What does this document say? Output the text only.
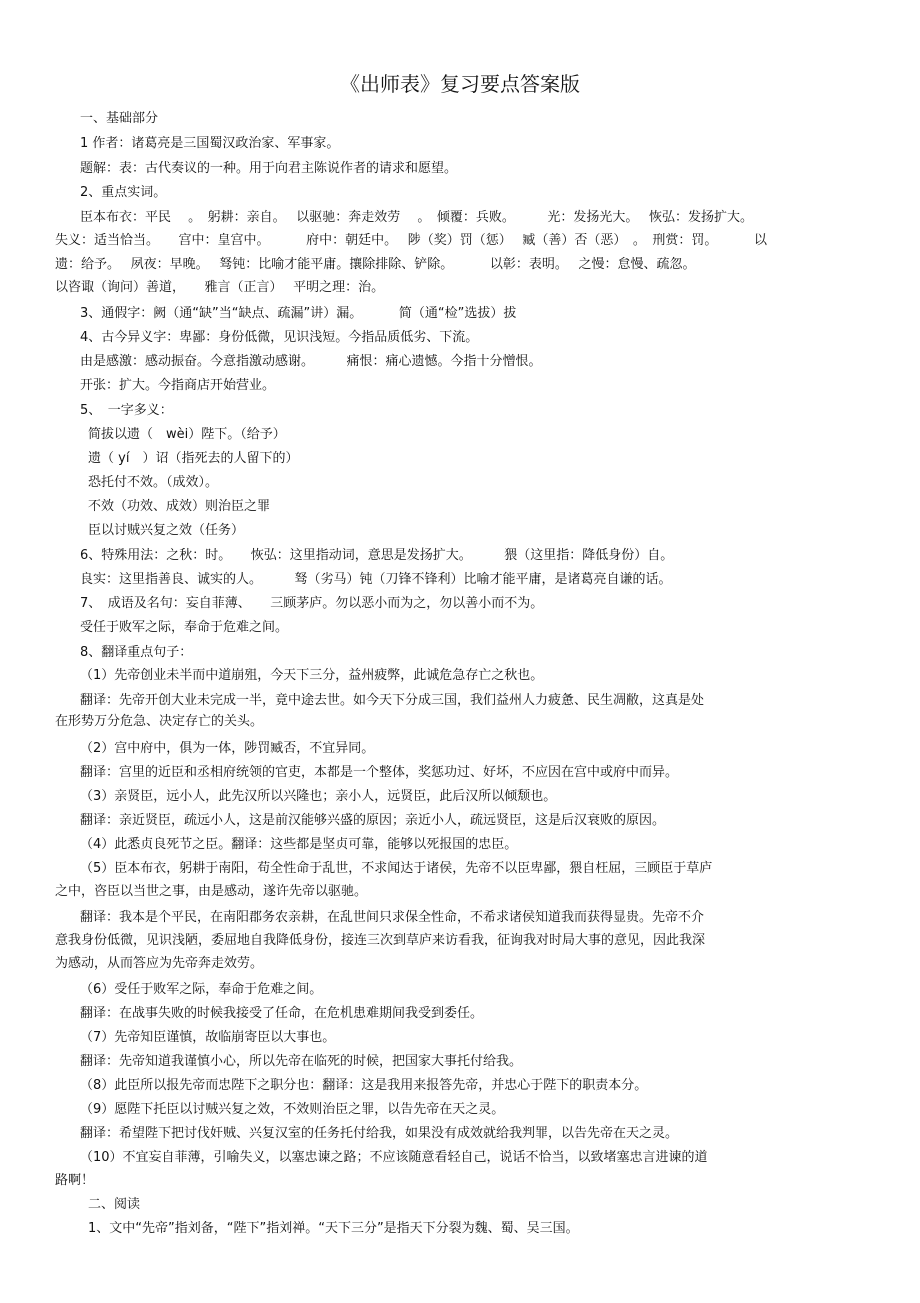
《出师表》复习要点答案版
一、基础部分
1 作者：诸葛亮是三国蜀汉政治家、军事家。
题解：表：古代奏议的一种。用于向君主陈说作者的请求和愿望。
2、重点实词。
臣本布衣：平民　 。　躬耕：亲自。　 以驱驰：奔走效劳　 。　倾覆：兵败。　　　光：发扬光大。　 恢弘：发扬扩大。
失义：适当恰当。　　宫中：皇宫中。　　　 府中：朝廷中。　 陟（奖）罚（惩）　 臧（善）否（恶）　。　刑赏：罚。　　　 以
遗：给予。　 夙夜：早晚。　 驽钝：比喻才能平庸。攘除排除、铲除。　　　 以彰：表明。　 之慢：怠慢、疏忽。
以咨诹（询问）善道，　　雅言（正言）　 平明之理：治。
3、通假字：阙（通“缺”当“缺点、疏漏”讲）漏。　　　 简（通“检”选拔）拔
4、古今异义字：卑鄙：身份低微，见识浅短。今指品质低劣、下流。
由是感激：感动振奋。今意指激动感谢。　　　痛恨：痛心遗憾。今指十分憎恨。
开张：扩大。今指商店开始营业。
5、　一字多义：
简拔以遗（　wèi）陛下。（给予）
遗（ yí　）诏（指死去的人留下的）
恐托付不效。（成效）。
不效（功效、成效）则治臣之罪
臣以讨贼兴复之效（任务）
6、特殊用法：之秋：时。　　恢弘：这里指动词，意思是发扬扩大。　　　猥（这里指：降低身份）自。
良实：这里指善良、诚实的人。　　　驽（劣马）钝（刀锋不锋利）比喻才能平庸，是诸葛亮自谦的话。
7、　成语及名句：妄自菲薄、　　三顾茅庐。勿以恶小而为之，勿以善小而不为。
受任于败军之际，奉命于危难之间。
8、翻译重点句子：
（1）先帝创业未半而中道崩殂，今天下三分，益州疲弊，此诚危急存亡之秋也。
翻译：先帝开创大业未完成一半，竟中途去世。如今天下分成三国，我们益州人力疲惫、民生凋敝，这真是处
在形势万分危急、决定存亡的关头。
（2）宫中府中，俱为一体，陟罚臧否，不宜异同。
翻译：宫里的近臣和丞相府统领的官吏，本都是一个整体，奖惩功过、好坏，不应因在宫中或府中而异。
（3）亲贤臣，远小人，此先汉所以兴隆也；亲小人，远贤臣，此后汉所以倾颓也。
翻译：亲近贤臣，疏远小人，这是前汉能够兴盛的原因；亲近小人，疏远贤臣，这是后汉衰败的原因。
（4）此悉贞良死节之臣。翻译：这些都是坚贞可靠，能够以死报国的忠臣。
（5）臣本布衣，躬耕于南阳，苟全性命于乱世，不求闻达于诸侯，先帝不以臣卑鄙，猥自枉屈，三顾臣于草庐
之中，咨臣以当世之事，由是感动，遂许先帝以驱驰。
翻译：我本是个平民，在南阳郡务农亲耕，在乱世间只求保全性命，不希求诸侯知道我而获得显贵。先帝不介
意我身份低微，见识浅陋，委屈地自我降低身份，接连三次到草庐来访看我，征询我对时局大事的意见，因此我深
为感动，从而答应为先帝奔走效劳。
（6）受任于败军之际，奉命于危难之间。
翻译：在战事失败的时候我接受了任命，在危机患难期间我受到委任。
（7）先帝知臣谨慎，故临崩寄臣以大事也。
翻译：先帝知道我谨慎小心，所以先帝在临死的时候，把国家大事托付给我。
（8）此臣所以报先帝而忠陛下之职分也：翻译：这是我用来报答先帝，并忠心于陛下的职责本分。
（9）愿陛下托臣以讨贼兴复之效，不效则治臣之罪，以告先帝在天之灵。
翻译：希望陛下把讨伐奸贼、兴复汉室的任务托付给我，如果没有成效就给我判罪，以告先帝在天之灵。
（10）不宜妄自菲薄，引喻失义，以塞忠谏之路；不应该随意看轻自己，说话不恰当，以致堵塞忠言进谏的道
路啊！
二、阅读
1、文中“先帝”指刘备，“陛下”指刘禅。“天下三分”是指天下分裂为魏、蜀、吴三国。
